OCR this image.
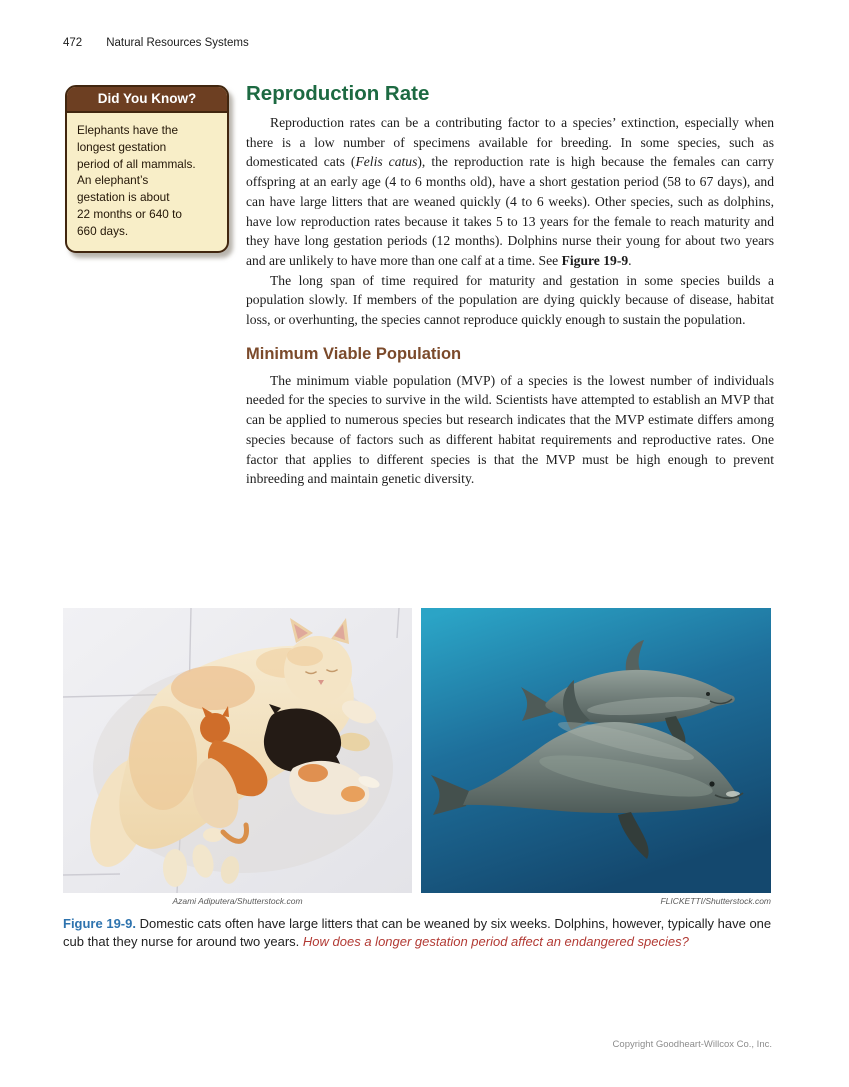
472 Natural Resources Systems
Did You Know?
Elephants have the
longest gestation
period of all mammals.
An elephant’s
gestation is about
22 months or 640 to
660 days.
Reproduction Rate

Reproduction rates can be a contributing factor to a species’ extinction, especially when there is a low number of specimens available for breeding. In some species, such as domesticated cats (Felis catus), the reproduction rate is high because the females can carry offspring at an early age (4 to 6 months old), have a short gestation period (58 to 67 days), and can have large litters that are weaned quickly (4 to 6 weeks). Other species, such as dolphins, have low reproduction rates because it takes 5 to 13 years for the female to reach maturity and they have long gestation periods (12 months). Dolphins nurse their young for about two years and are unlikely to have more than one calf at a time. See Figure 19-9.

The long span of time required for maturity and gestation in some species builds a population slowly. If members of the population are dying quickly because of disease, habitat loss, or overhunting, the species cannot reproduce quickly enough to sustain the population.

Minimum Viable Population

The minimum viable population (MVP) of a species is the lowest number of individuals needed for the species to survive in the wild. Scientists have attempted to establish an MVP that can be applied to numerous species but research indicates that the MVP estimate differs among species because of factors such as different habitat requirements and reproductive rates. One factor that applies to different species is that the MVP must be high enough to prevent inbreeding and maintain genetic diversity.

Azami Adiputera/Shutterstock.com	FLICKETTI/Shutterstock.com
Figure 19-9. Domestic cats often have large litters that can be weaned by six weeks. Dolphins, however, typically have one cub that they nurse for around two years. How does a longer gestation period affect an endangered species?
Copyright Goodheart-Willcox Co., Inc.
